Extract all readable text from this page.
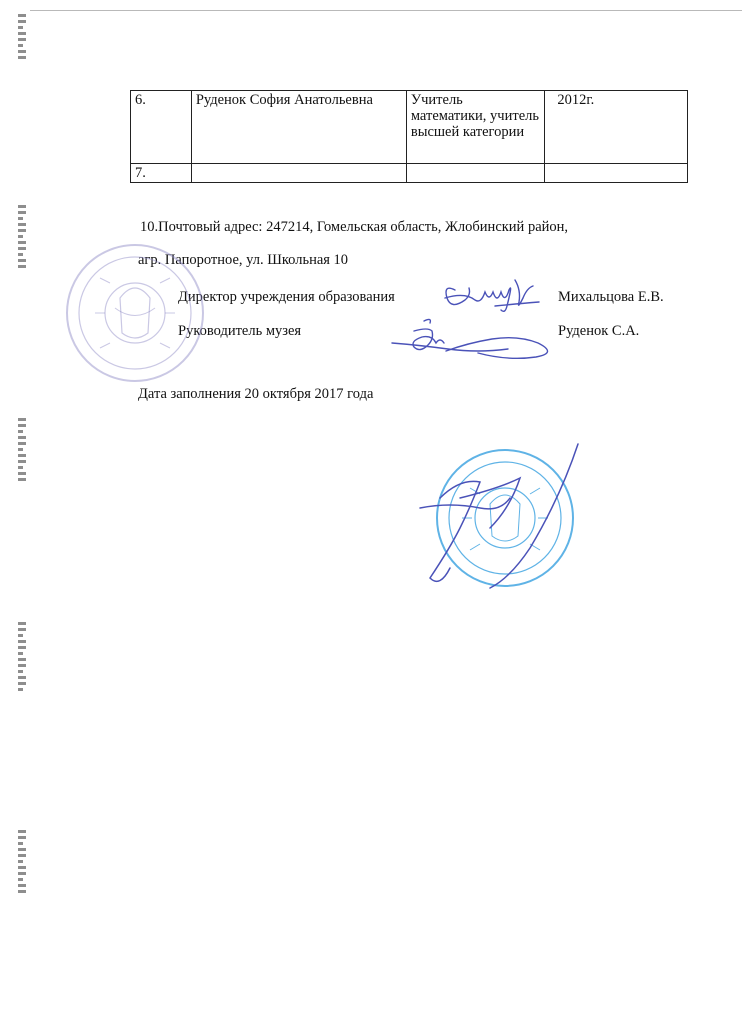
6.	Руденок София Анатольевна	Учитель математики, учитель высшей категории	2012г.
7.			
10.Почтовый адрес: 247214, Гомельская область, Жлобинский район,
агр. Папоротное, ул. Школьная 10
Директор учреждения образования	Михальцова Е.В.
Руководитель музея	Руденок С.А.
Дата заполнения 20 октября 2017 года
